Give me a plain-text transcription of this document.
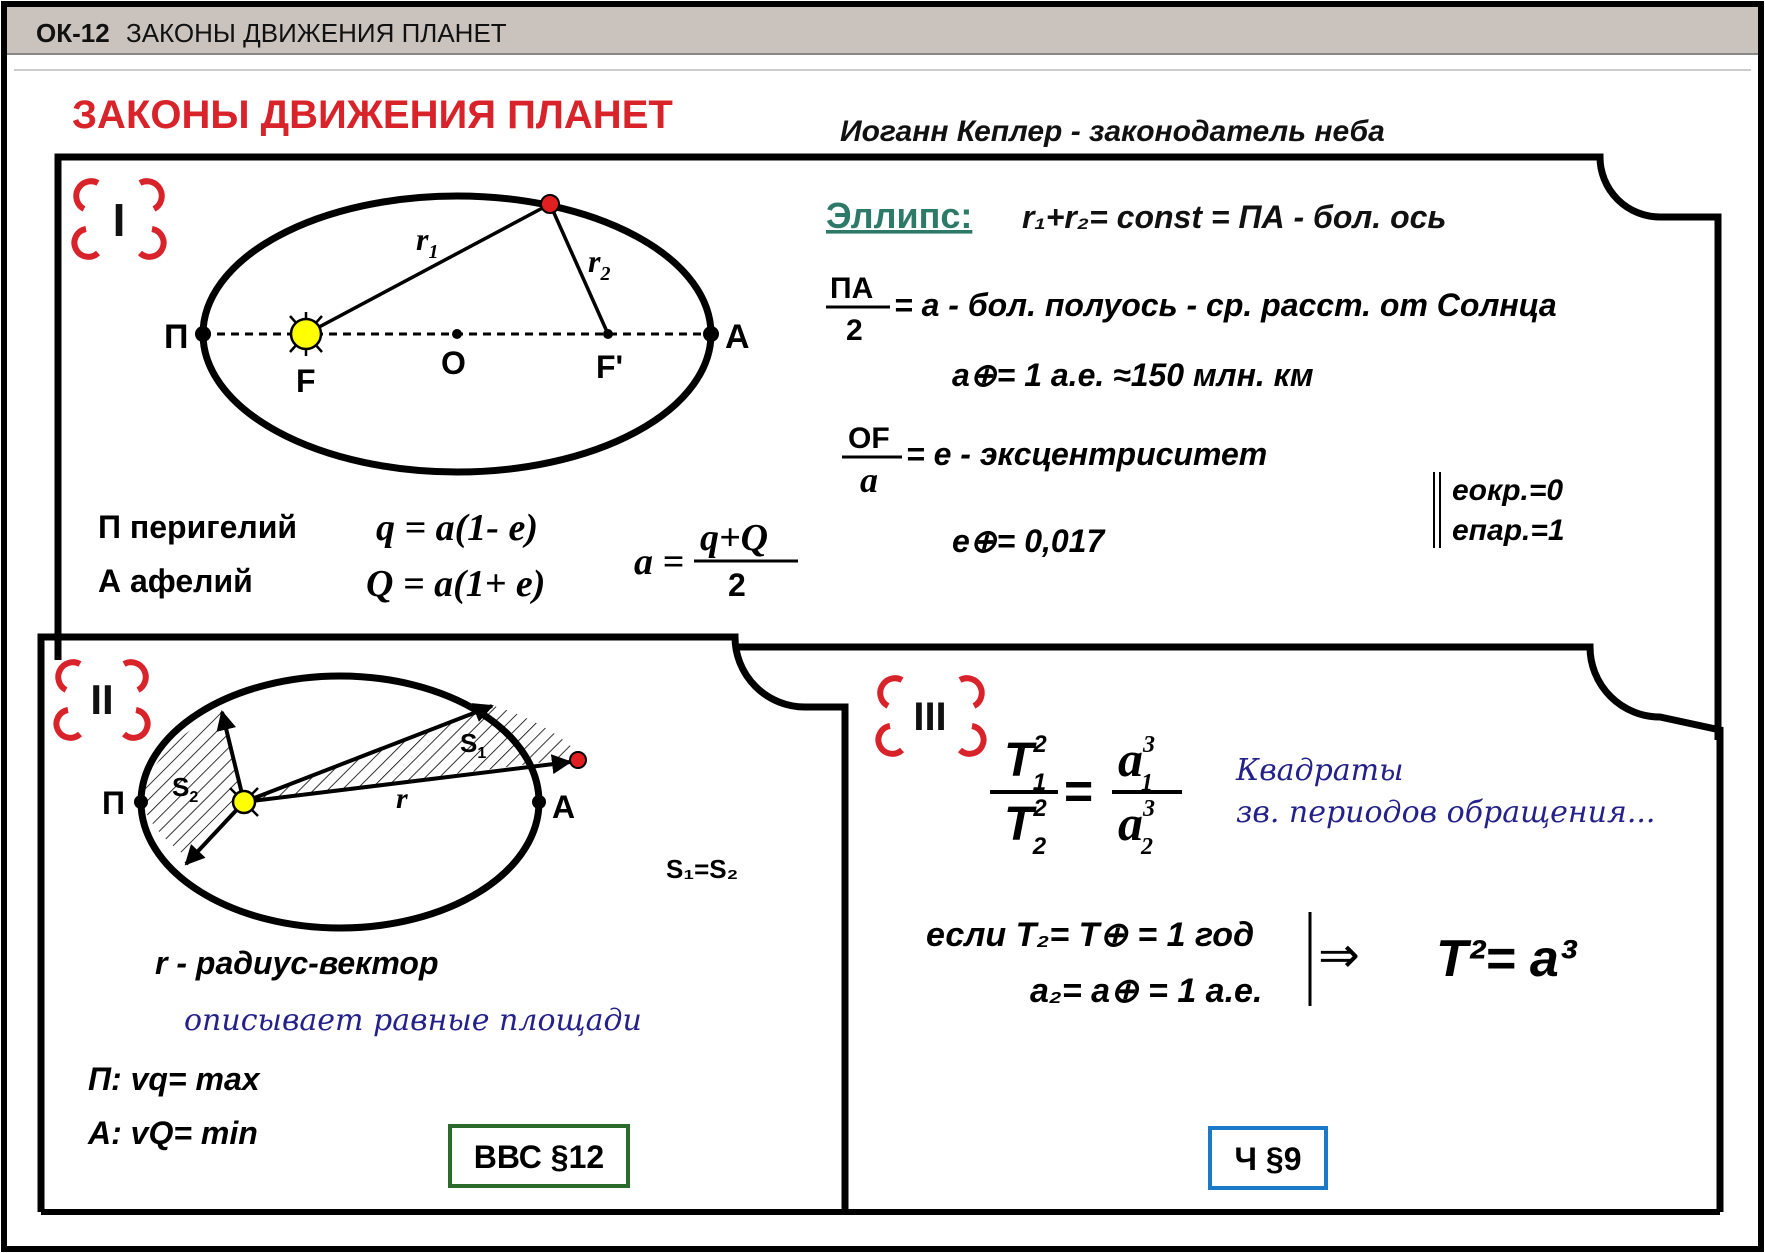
ОК-12 ЗАКОНЫ ДВИЖЕНИЯ ПЛАНЕТ
ЗАКОНЫ ДВИЖЕНИЯ ПЛАНЕТ	Иоганн Кеплер - законодатель неба
I
П	А
F	O	F'
$r_1$	$r_2$
Эллипс: r₁+r₂= const = ПА - бол. ось
ПА
2
= a - бол. полуось - ср. расст. от Солнца
a⊕= 1 а.е. ≈150 млн. км
OF
a
= e - эксцентриситет
e⊕= 0,017
eокр.=0
eпар.=1
П перигелий
А афелий
q = a(1- e)
Q = a(1+ e)
a =
q+Q
2
II
П	А
$S_2$
$S_1$
r
S₁=S₂
r - радиус-вектор
описывает равные площади
П: vq= max
А: vQ= min
ВВС §12
III
$T^2$ 1
$T^2$ 2
=
$a^3$ 1
$a^3$ 2
Квадраты
зв. периодов обращения...
если T₂= T⊕ = 1 год
a₂= a⊕ = 1 а.е.
⇒ T²= a³
Ч §9
